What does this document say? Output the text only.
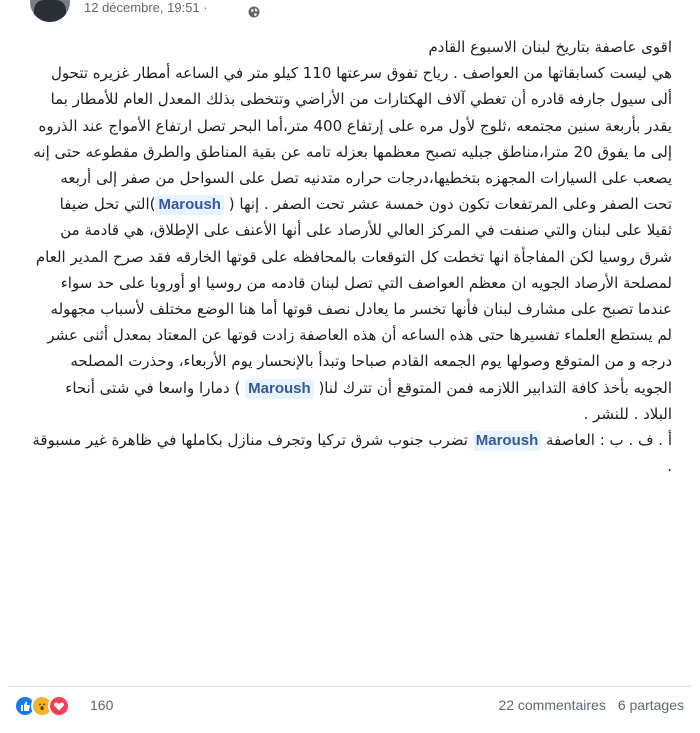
12 décembre, 19:51 ·

اقوى عاصفة بتاريخ لبنان الاسبوع القادم

هي ليست كسابقاتها من العواصف . رياح تفوق سرعتها 110 كيلو متر في الساعه أمطار غزيره تتحول ألى سيول جارفه قادره أن تغطي آلاف الهكتارات من الأراضي وتتخطى بذلك المعدل العام للأمطار بما يقدر بأربعة سنين مجتمعه ،ثلوج لأول مره على إرتفاع 400 متر،أما البحر تصل ارتفاع الأمواج عند الذروه إلى ما يفوق 20 مترا،مناطق جبليه تصبح معظمها بعزله تامه عن بقية المناطق والطرق مقطوعه حتى إنه يصعب على السيارات المجهزه بتخطيها،درجات حراره متدنيه تصل على السواحل من صفر إلى أربعه تحت الصفر وعلى المرتفعات تكون دون خمسة عشر تحت الصفر . إنها ( Maroush)التي تحل ضيفا ثقيلا على لبنان والتي صنفت في المركز العالي للأرصاد على أنها الأعنف على الإطلاق، هي قادمة من شرق روسيا لكن المفاجأة انها تخطت كل التوقعات بالمحافظه على قوتها الخارقه فقد صرح المدير العام لمصلحة الأرصاد الجويه ان معظم العواصف التي تصل لبنان قادمه من روسيا او أوروبا على حد سواء عندما تصبح على مشارف لبنان فأنها تخسر ما يعادل نصف قوتها أما هنا الوضع مختلف لأسباب مجهوله لم يستطع العلماء تفسيرها حتى هذه الساعه أن هذه العاصفة زادت قوتها عن المعتاد بمعدل أثنى عشر درجه و من المتوقع وصولها يوم الجمعه القادم صباحا وتبدأ بالإنحسار يوم الأربعاء، وحذرت المصلحه الجويه بأخذ كافة التدابير اللازمه فمن المتوقع أن تترك لنا( Maroush ) دمارا واسعا في شتى أنحاء البلاد . للنشر .

أ . ف . ب : العاصفة Maroush تضرب جنوب شرق تركيا وتجرف منازل بكاملها في ظاهرة غير مسبوقة .

160	22 commentaires 6 partages
